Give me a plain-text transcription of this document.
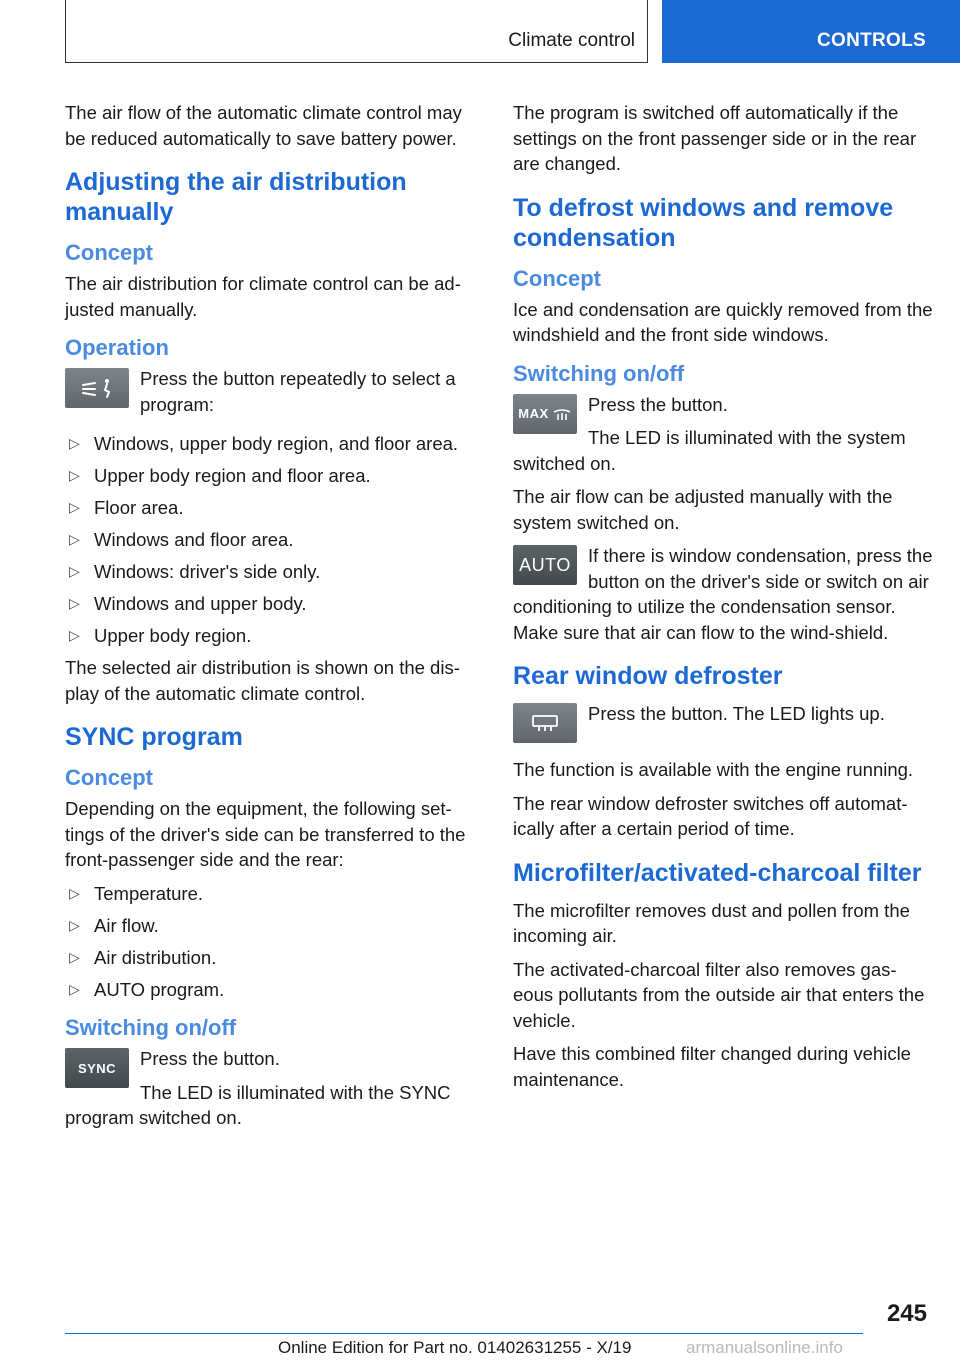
Climate control	CONTROLS

The air flow of the automatic climate control may be reduced automatically to save battery power.

Adjusting the air distribution manually
Concept

The air distribution for climate control can be ad‐justed manually.

Operation

Press the button repeatedly to select a program:

▷ Windows, upper body region, and floor area.
▷ Upper body region and floor area.
▷ Floor area.
▷ Windows and floor area.
▷ Windows: driver's side only.
▷ Windows and upper body.
▷ Upper body region.

The selected air distribution is shown on the dis‐play of the automatic climate control.

SYNC program
Concept

Depending on the equipment, the following set‐tings of the driver's side can be transferred to the front-passenger side and the rear:

▷ Temperature.
▷ Air flow.
▷ Air distribution.
▷ AUTO program.
Switching on/off
SYNC	Press the button.

The LED is illuminated with the SYNC program switched on.

The program is switched off automatically if the settings on the front passenger side or in the rear are changed.

To defrost windows and remove condensation
Concept

Ice and condensation are quickly removed from the windshield and the front side windows.

Switching on/off
MAX	Press the button.

The LED is illuminated with the system switched on.

The air flow can be adjusted manually with the system switched on.

AUTO If there is window condensation, press the button on the driver's side or switch on air conditioning to utilize the condensation sensor. Make sure that air can flow to the wind‐shield.

Rear window defroster

Press the button. The LED lights up.

The function is available with the engine running.

The rear window defroster switches off automat‐ically after a certain period of time.

Microfilter/activated-charcoal filter

The microfilter removes dust and pollen from the incoming air.

The activated-charcoal filter also removes gas‐eous pollutants from the outside air that enters the vehicle.

Have this combined filter changed during vehicle maintenance.

245
Online Edition for Part no. 01402631255 - X/19	armanualsonline.info
